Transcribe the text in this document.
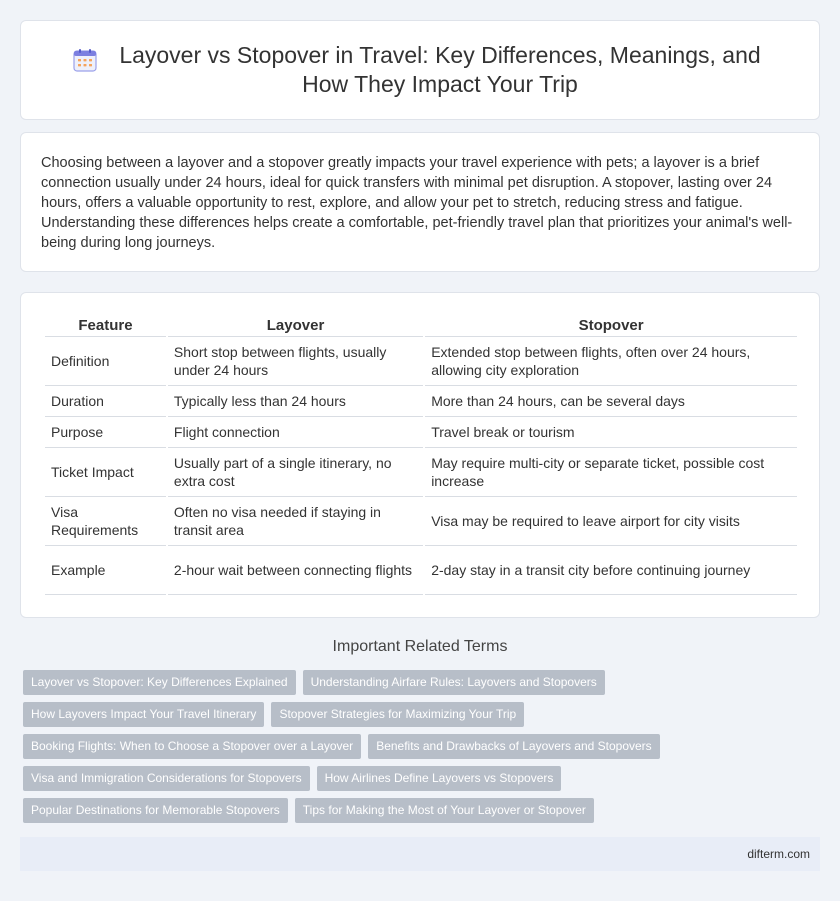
Layover vs Stopover in Travel: Key Differences, Meanings, and How They Impact Your Trip

Choosing between a layover and a stopover greatly impacts your travel experience with pets; a layover is a brief connection usually under 24 hours, ideal for quick transfers with minimal pet disruption. A stopover, lasting over 24 hours, offers a valuable opportunity to rest, explore, and allow your pet to stretch, reducing stress and fatigue. Understanding these differences helps create a comfortable, pet-friendly travel plan that prioritizes your animal's well-being during long journeys.

Feature	Layover	Stopover
Definition	Short stop between flights, usually under 24 hours	Extended stop between flights, often over 24 hours, allowing city exploration
Duration	Typically less than 24 hours	More than 24 hours, can be several days
Purpose	Flight connection	Travel break or tourism
Ticket Impact	Usually part of a single itinerary, no extra cost	May require multi-city or separate ticket, possible cost increase
Visa Requirements	Often no visa needed if staying in transit area	Visa may be required to leave airport for city visits
Example	2-hour wait between connecting flights	2-day stay in a transit city before continuing journey
Important Related Terms
Layover vs Stopover: Key Differences Explained	Understanding Airfare Rules: Layovers and Stopovers
How Layovers Impact Your Travel Itinerary	Stopover Strategies for Maximizing Your Trip
Booking Flights: When to Choose a Stopover over a Layover	Benefits and Drawbacks of Layovers and Stopovers
Visa and Immigration Considerations for Stopovers	How Airlines Define Layovers vs Stopovers
Popular Destinations for Memorable Stopovers	Tips for Making the Most of Your Layover or Stopover
difterm.com
